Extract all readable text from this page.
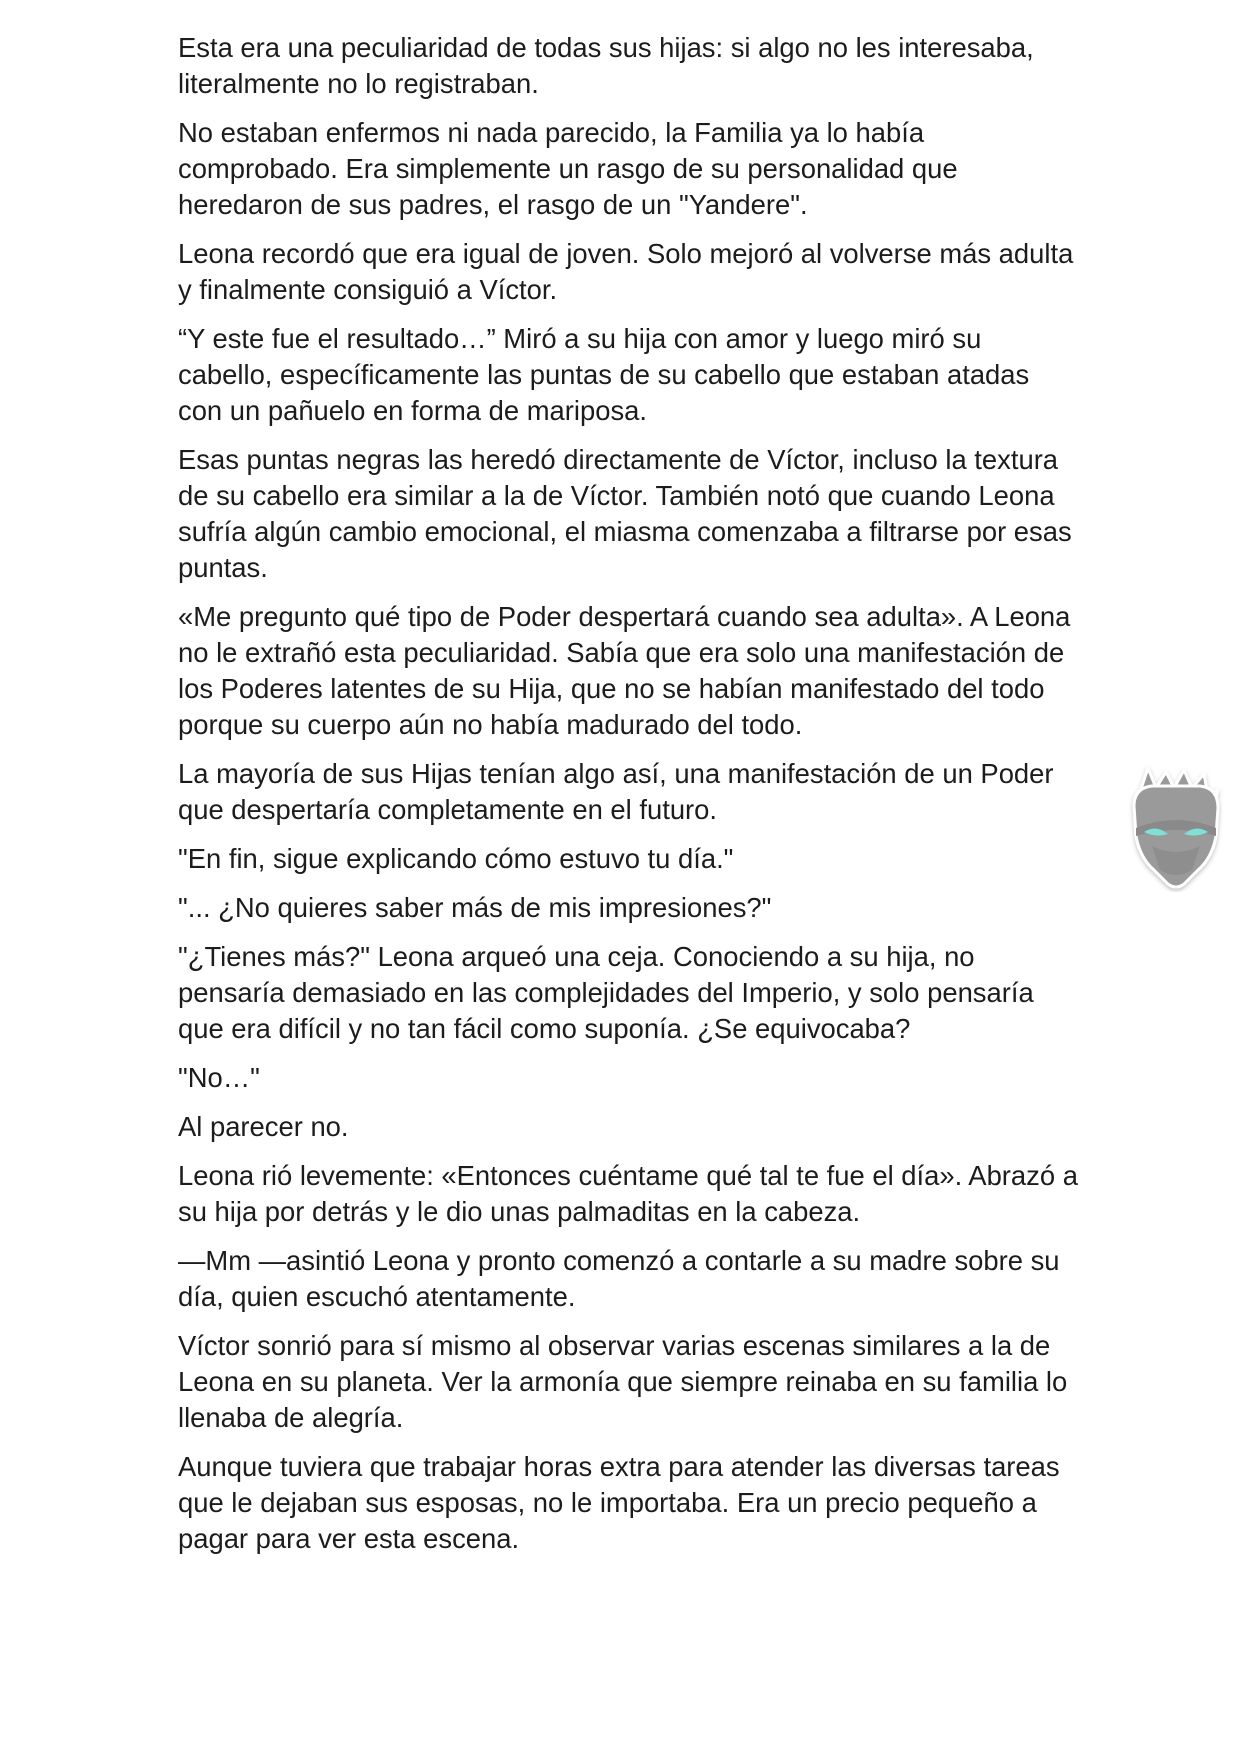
Esta era una peculiaridad de todas sus hijas: si algo no les interesaba, literalmente no lo registraban.

No estaban enfermos ni nada parecido, la Familia ya lo había comprobado. Era simplemente un rasgo de su personalidad que heredaron de sus padres, el rasgo de un "Yandere".

Leona recordó que era igual de joven. Solo mejoró al volverse más adulta y finalmente consiguió a Víctor.

“Y este fue el resultado…” Miró a su hija con amor y luego miró su cabello, específicamente las puntas de su cabello que estaban atadas con un pañuelo en forma de mariposa.

Esas puntas negras las heredó directamente de Víctor, incluso la textura de su cabello era similar a la de Víctor. También notó que cuando Leona sufría algún cambio emocional, el miasma comenzaba a filtrarse por esas puntas.

«Me pregunto qué tipo de Poder despertará cuando sea adulta». A Leona no le extrañó esta peculiaridad. Sabía que era solo una manifestación de los Poderes latentes de su Hija, que no se habían manifestado del todo porque su cuerpo aún no había madurado del todo.

La mayoría de sus Hijas tenían algo así, una manifestación de un Poder que despertaría completamente en el futuro.

"En fin, sigue explicando cómo estuvo tu día."

"... ¿No quieres saber más de mis impresiones?"

"¿Tienes más?" Leona arqueó una ceja. Conociendo a su hija, no pensaría demasiado en las complejidades del Imperio, y solo pensaría que era difícil y no tan fácil como suponía. ¿Se equivocaba?

"No…"

Al parecer no.

Leona rió levemente: «Entonces cuéntame qué tal te fue el día». Abrazó a su hija por detrás y le dio unas palmaditas en la cabeza.

—Mm —asintió Leona y pronto comenzó a contarle a su madre sobre su día, quien escuchó atentamente.

Víctor sonrió para sí mismo al observar varias escenas similares a la de Leona en su planeta. Ver la armonía que siempre reinaba en su familia lo llenaba de alegría.

Aunque tuviera que trabajar horas extra para atender las diversas tareas que le dejaban sus esposas, no le importaba. Era un precio pequeño a pagar para ver esta escena.
